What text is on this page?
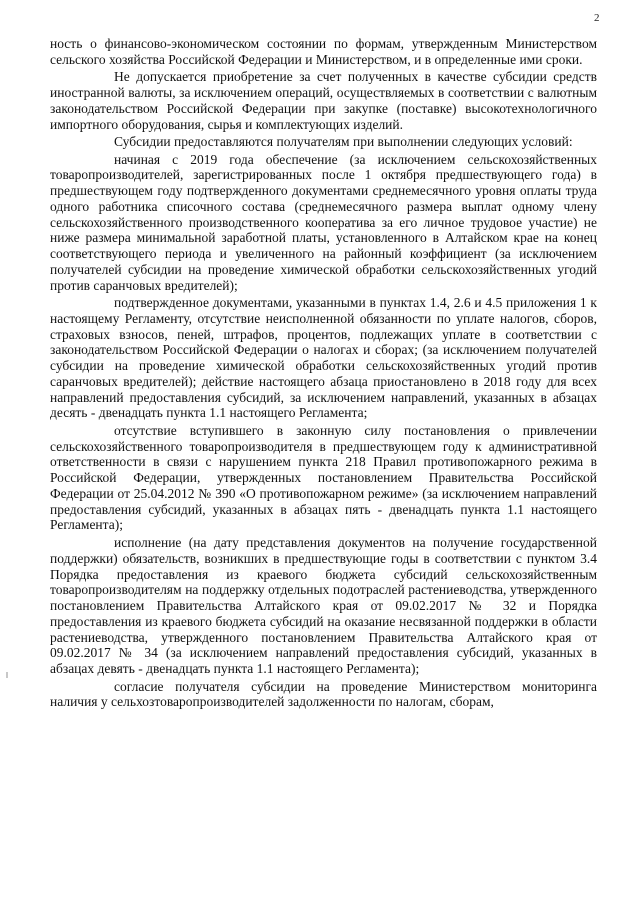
2

ность о финансово-экономическом состоянии по формам, утвержденным Министерством сельского хозяйства Российской Федерации и Министерством, и в определенные ими сроки.

Не допускается приобретение за счет полученных в качестве субсидии средств иностранной валюты, за исключением операций, осуществляемых в соответствии с валютным законодательством Российской Федерации при закупке (поставке) высокотехнологичного импортного оборудования, сырья и комплектующих изделий.

Субсидии предоставляются получателям при выполнении следующих условий:

начиная с 2019 года обеспечение (за исключением сельскохозяйственных товаропроизводителей, зарегистрированных после 1 октября предшествующего года) в предшествующем году подтвержденного документами среднемесячного уровня оплаты труда одного работника списочного состава (среднемесячного размера выплат одному члену сельскохозяйственного производственного кооператива за его личное трудовое участие) не ниже размера минимальной заработной платы, установленного в Алтайском крае на конец соответствующего периода и увеличенного на районный коэффициент (за исключением получателей субсидии на проведение химической обработки сельскохозяйственных угодий против саранчовых вредителей);

подтвержденное документами, указанными в пунктах 1.4, 2.6 и 4.5 приложения 1 к настоящему Регламенту, отсутствие неисполненной обязанности по уплате налогов, сборов, страховых взносов, пеней, штрафов, процентов, подлежащих уплате в соответствии с законодательством Российской Федерации о налогах и сборах; (за исключением получателей субсидии на проведение химической обработки сельскохозяйственных угодий против саранчовых вредителей); действие настоящего абзаца приостановлено в 2018 году для всех направлений предоставления субсидий, за исключением направлений, указанных в абзацах десять - двенадцать пункта 1.1 настоящего Регламента;

отсутствие вступившего в законную силу постановления о привлечении сельскохозяйственного товаропроизводителя в предшествующем году к административной ответственности в связи с нарушением пункта 218 Правил противопожарного режима в Российской Федерации, утвержденных постановлением Правительства Российской Федерации от 25.04.2012 № 390 «О противопожарном режиме» (за исключением направлений предоставления субсидий, указанных в абзацах пять - двенадцать пункта 1.1 настоящего Регламента);

исполнение (на дату представления документов на получение государственной поддержки) обязательств, возникших в предшествующие годы в соответствии с пунктом 3.4 Порядка предоставления из краевого бюджета субсидий сельскохозяйственным товаропроизводителям на поддержку отдельных подотраслей растениеводства, утвержденного постановлением Правительства Алтайского края от 09.02.2017 № 32 и Порядка предоставления из краевого бюджета субсидий на оказание несвязанной поддержки в области растениеводства, утвержденного постановлением Правительства Алтайского края от 09.02.2017 № 34 (за исключением направлений предоставления субсидий, указанных в абзацах девять - двенадцать пункта 1.1 настоящего Регламента);

согласие получателя субсидии на проведение Министерством мониторинга наличия у сельхозтоваропроизводителей задолженности по налогам, сборам,
